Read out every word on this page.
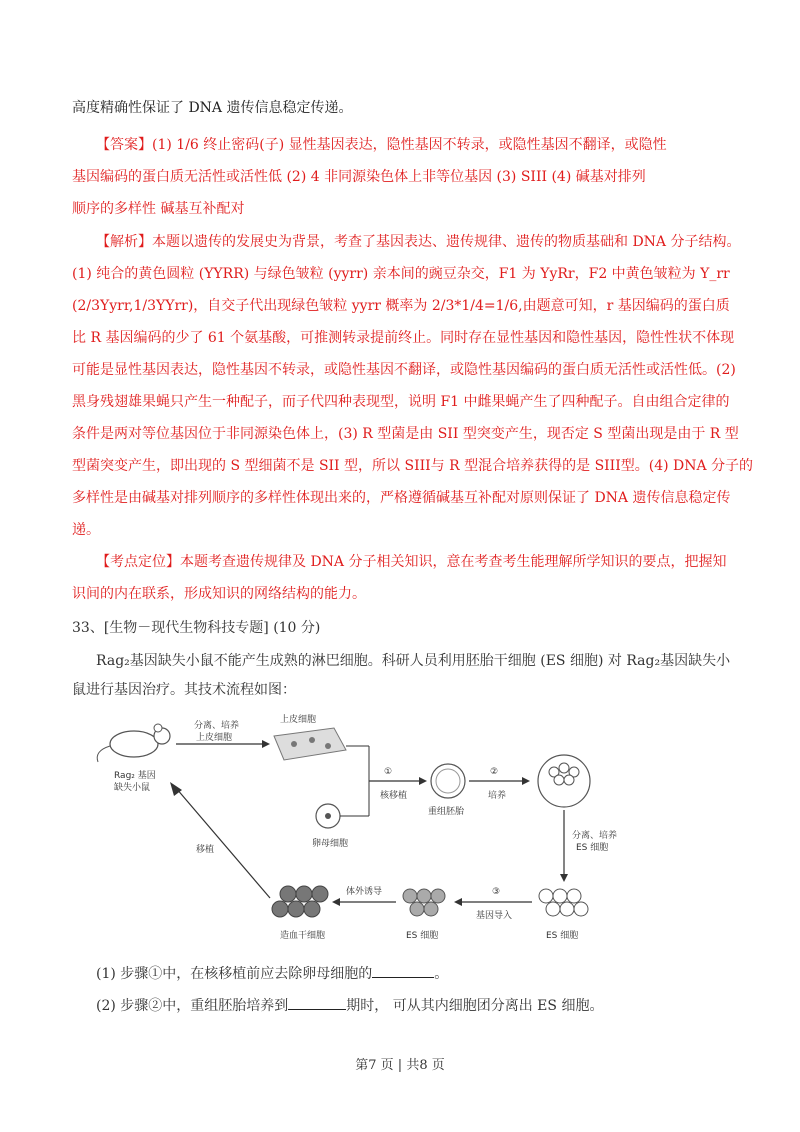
高度精确性保证了 DNA 遗传信息稳定传递。
【答案】(1) 1/6 终止密码(子) 显性基因表达，隐性基因不转录，或隐性基因不翻译，或隐性
基因编码的蛋白质无活性或活性低 (2) 4 非同源染色体上非等位基因 (3) SIII (4) 碱基对排列
顺序的多样性 碱基互补配对
【解析】本题以遗传的发展史为背景，考查了基因表达、遗传规律、遗传的物质基础和 DNA 分子结构。
(1) 纯合的黄色圆粒 (YYRR) 与绿色皱粒 (yyrr) 亲本间的豌豆杂交，F1 为 YyRr，F2 中黄色皱粒为 Y_rr
(2/3Yyrr,1/3YYrr)，自交子代出现绿色皱粒 yyrr 概率为 2/3*1/4=1/6,由题意可知，r 基因编码的蛋白质
比 R 基因编码的少了 61 个氨基酸，可推测转录提前终止。同时存在显性基因和隐性基因，隐性性状不体现
可能是显性基因表达，隐性基因不转录，或隐性基因不翻译，或隐性基因编码的蛋白质无活性或活性低。(2)
黑身残翅雄果蝇只产生一种配子，而子代四种表现型，说明 F1 中雌果蝇产生了四种配子。自由组合定律的
条件是两对等位基因位于非同源染色体上，(3) R 型菌是由 SII 型突变产生，现否定 S 型菌出现是由于 R 型
型菌突变产生，即出现的 S 型细菌不是 SII 型，所以 SIII与 R 型混合培养获得的是 SIII型。(4) DNA 分子的
多样性是由碱基对排列顺序的多样性体现出来的，严格遵循碱基互补配对原则保证了 DNA 遗传信息稳定传
递。
【考点定位】本题考查遗传规律及 DNA 分子相关知识，意在考查考生能理解所学知识的要点，把握知
识间的内在联系，形成知识的网络结构的能力。
33、[生物－现代生物科技专题] (10 分)
Rag₂基因缺失小鼠不能产生成熟的淋巴细胞。科研人员利用胚胎干细胞 (ES 细胞) 对 Rag₂基因缺失小
鼠进行基因治疗。其技术流程如图：
Rag₂ 基因
缺失小鼠
分离、培养
上皮细胞
上皮细胞
卵母细胞
①
核移植
重组胚胎
②
培养
分离、培养
ES 细胞
ES 细胞
③
基因导入
ES 细胞
体外诱导
造血干细胞
移植
(1) 步骤①中，在核移植前应去除卵母细胞的	。
(2) 步骤②中，重组胚胎培养到	期时， 可从其内细胞团分离出 ES 细胞。
第7 页 | 共8 页
